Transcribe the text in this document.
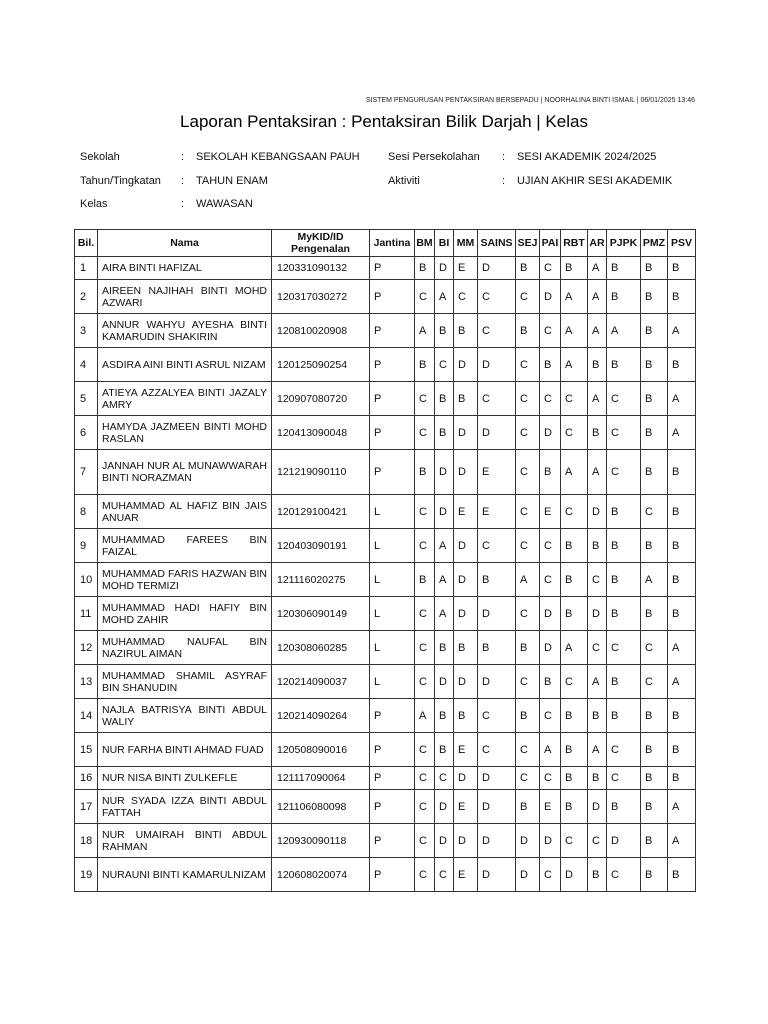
SISTEM PENGURUSAN PENTAKSIRAN BERSEPADU | NOORHALINA BINTI ISMAIL | 06/01/2025 13:46
Laporan Pentaksiran : Pentaksiran Bilik Darjah | Kelas
Sekolah	: SEKOLAH KEBANGSAAN PAUH
Tahun/Tingkatan : TAHUN ENAM
Kelas	: WAWASAN
Sesi Persekolahan : SESI AKADEMIK 2024/2025
Aktiviti	: UJIAN AKHIR SESI AKADEMIK
Bil.	Nama	MyKID/ID Pengenalan	Jantina	BM	BI	MM	SAINS	SEJ	PAI	RBT	AR	PJPK	PMZ	PSV
1	AIRA BINTI HAFIZAL	120331090132	P	B	D	E	D	B	C	B	A	B	B	B
2	AIREEN NAJIHAH BINTI MOHD AZWARI	120317030272	P	C	A	C	C	C	D	A	A	B	B	B
3	ANNUR WAHYU AYESHA BINTI KAMARUDIN SHAKIRIN	120810020908	P	A	B	B	C	B	C	A	A	A	B	A
4	ASDIRA AINI BINTI ASRUL NIZAM	120125090254	P	B	C	D	D	C	B	A	B	B	B	B
5	ATIEYA AZZALYEA BINTI JAZALY AMRY	120907080720	P	C	B	B	C	C	C	C	A	C	B	A
6	HAMYDA JAZMEEN BINTI MOHD RASLAN	120413090048	P	C	B	D	D	C	D	C	B	C	B	A
7	JANNAH NUR AL MUNAWWARAH BINTI NORAZMAN	121219090110	P	B	D	D	E	C	B	A	A	C	B	B
8	MUHAMMAD AL HAFIZ BIN JAIS ANUAR	120129100421	L	C	D	E	E	C	E	C	D	B	C	B
9	MUHAMMAD FAREES BIN FAIZAL	120403090191	L	C	A	D	C	C	C	B	B	B	B	B
10	MUHAMMAD FARIS HAZWAN BIN MOHD TERMIZI	121116020275	L	B	A	D	B	A	C	B	C	B	A	B
11	MUHAMMAD HADI HAFIY BIN MOHD ZAHIR	120306090149	L	C	A	D	D	C	D	B	D	B	B	B
12	MUHAMMAD NAUFAL BIN NAZIRUL AIMAN	120308060285	L	C	B	B	B	B	D	A	C	C	C	A
13	MUHAMMAD SHAMIL ASYRAF BIN SHANUDIN	120214090037	L	C	D	D	D	C	B	C	A	B	C	A
14	NAJLA BATRISYA BINTI ABDUL WALIY	120214090264	P	A	B	B	C	B	C	B	B	B	B	B
15	NUR FARHA BINTI AHMAD FUAD	120508090016	P	C	B	E	C	C	A	B	A	C	B	B
16	NUR NISA BINTI ZULKEFLE	121117090064	P	C	C	D	D	C	C	B	B	C	B	B
17	NUR SYADA IZZA BINTI ABDUL FATTAH	121106080098	P	C	D	E	D	B	E	B	D	B	B	A
18	NUR UMAIRAH BINTI ABDUL RAHMAN	120930090118	P	C	D	D	D	D	D	C	C	D	B	A
19	NURAUNI BINTI KAMARULNIZAM	120608020074	P	C	C	E	D	D	C	D	B	C	B	B
